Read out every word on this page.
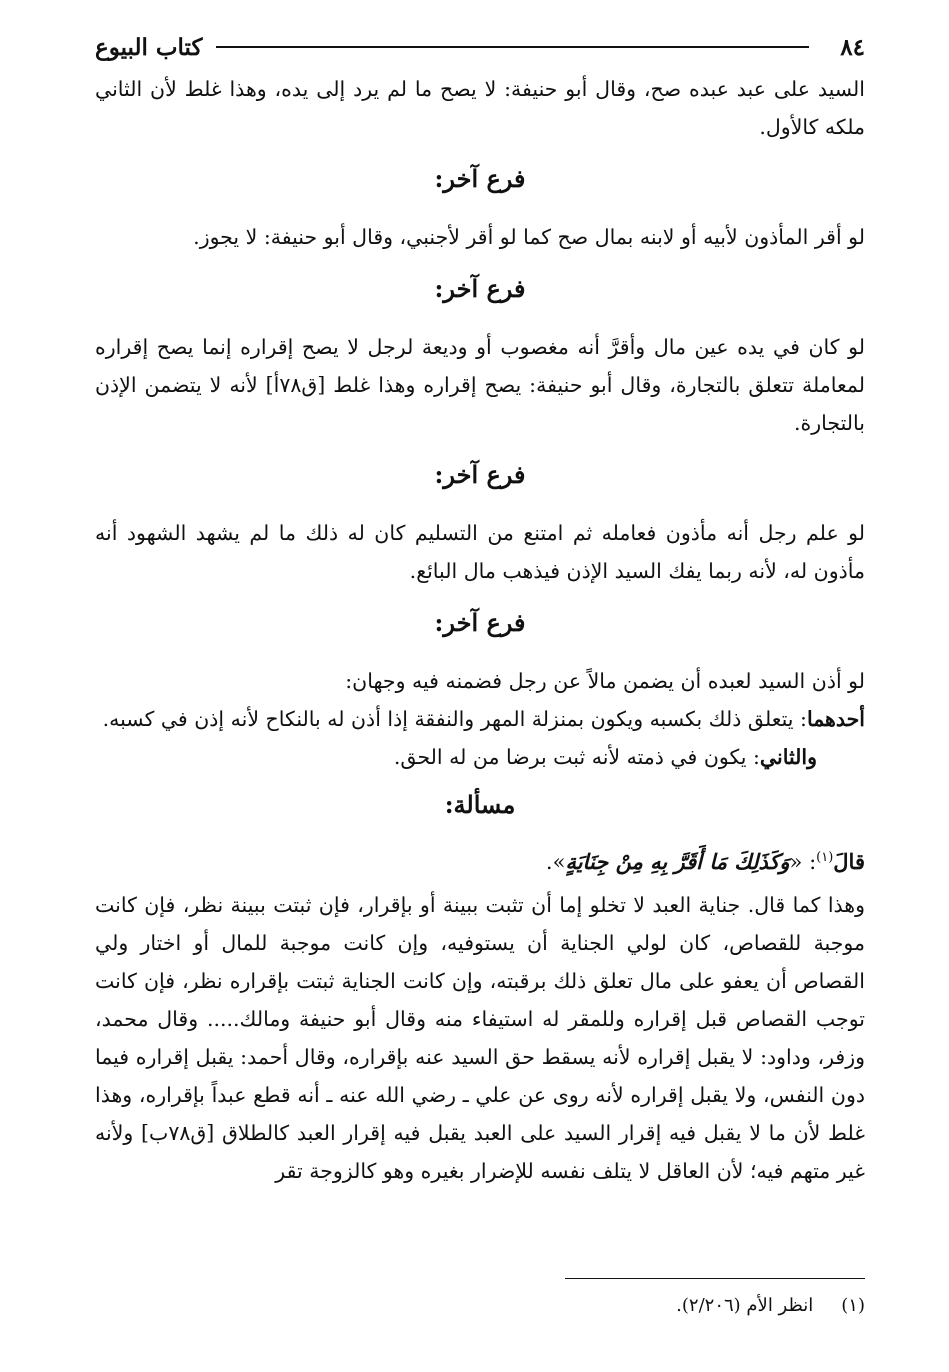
٨٤
كتاب البيوع

السيد على عبد عبده صح، وقال أبو حنيفة: لا يصح ما لم يرد إلى يده، وهذا غلط لأن الثاني ملكه كالأول.

فرع آخر:

لو أقر المأذون لأبيه أو لابنه بمال صح كما لو أقر لأجنبي، وقال أبو حنيفة: لا يجوز.

فرع آخر:

لو كان في يده عين مال وأقرَّ أنه مغصوب أو وديعة لرجل لا يصح إقراره إنما يصح إقراره لمعاملة تتعلق بالتجارة، وقال أبو حنيفة: يصح إقراره وهذا غلط [ق٧٨أ] لأنه لا يتضمن الإذن بالتجارة.

فرع آخر:

لو علم رجل أنه مأذون فعامله ثم امتنع من التسليم كان له ذلك ما لم يشهد الشهود أنه مأذون له، لأنه ربما يفك السيد الإذن فيذهب مال البائع.

فرع آخر:

لو أذن السيد لعبده أن يضمن مالاً عن رجل فضمنه فيه وجهان:

أحدهما: يتعلق ذلك بكسبه ويكون بمنزلة المهر والنفقة إذا أذن له بالنكاح لأنه إذن في كسبه.

والثاني: يكون في ذمته لأنه ثبت برضا من له الحق.

مسألة:

قالَ$^{(١)}$: «وَكَذَلِكَ مَا أَقَرَّ بِهِ مِنْ جِنَايَةٍ».

وهذا كما قال. جناية العبد لا تخلو إما أن تثبت ببينة أو بإقرار، فإن ثبتت ببينة نظر، فإن كانت موجبة للقصاص، كان لولي الجناية أن يستوفيه، وإن كانت موجبة للمال أو اختار ولي القصاص أن يعفو على مال تعلق ذلك برقبته، وإن كانت الجناية ثبتت بإقراره نظر، فإن كانت توجب القصاص قبل إقراره وللمقر له استيفاء منه وقال أبو حنيفة ومالك..... وقال محمد، وزفر، وداود: لا يقبل إقراره لأنه يسقط حق السيد عنه بإقراره، وقال أحمد: يقبل إقراره فيما دون النفس، ولا يقبل إقراره لأنه روى عن علي ـ رضي الله عنه ـ أنه قطع عبداً بإقراره، وهذا غلط لأن ما لا يقبل فيه إقرار السيد على العبد يقبل فيه إقرار العبد كالطلاق [ق٧٨ب] ولأنه غير متهم فيه؛ لأن العاقل لا يتلف نفسه للإضرار بغيره وهو كالزوجة تقر

(١)
انظر الأم (٢/٢٠٦).
